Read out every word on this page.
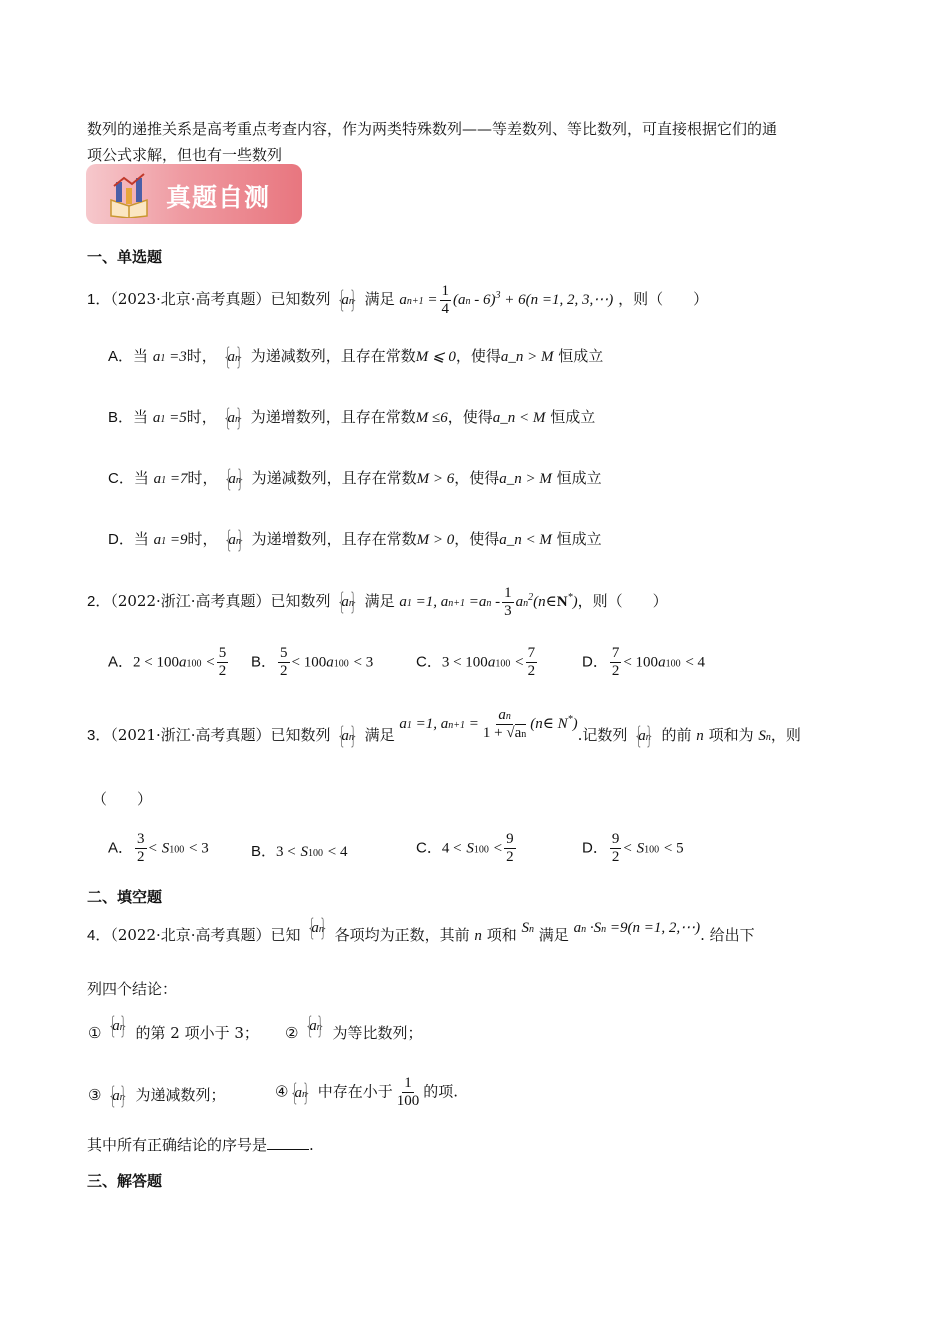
数列的递推关系是高考重点考查内容，作为两类特殊数列——等差数列、等比数列，可直接根据它们的通
项公式求解，但也有一些数列
真题自测
一、单选题
1．（2023·北京·高考真题）已知数列 { an } 满足 $an+1 = \frac{1}{4} (an - 6)^3 + 6(n =1$, 2, 3,⋯) ，则（　　）
A．当 a1 =3时， { an } 为递减数列，且存在常数M ⩽ 0，使得a_n > M 恒成立
B．当 a1 =5时， { an } 为递增数列，且存在常数M ≤6，使得a_n < M 恒成立
C．当 a1 =7时， { an } 为递减数列，且存在常数M > 6，使得a_n > M 恒成立
D．当 a1 =9时， { an } 为递增数列，且存在常数M > 0，使得a_n < M 恒成立
2．（2022·浙江·高考真题）已知数列 { an } 满足 a1 =1, $an+1 =an - \frac{1}{3}$ $an^2(n\in N^*)$，则（　　）
A．$2 < 100a100 < \frac{5}{2}$ B． $\frac{5}{2} < 100a100 < 3$	C．$3 < 100a100 < \frac{7}{2}$	D． $\frac{7}{2} < 100a100 < 4$
3．（2021·浙江·高考真题）已知数列 { an } 满足 a1 =1, $an+1 = \frac{an}{1 + √an}$ (n∈ N*).记数列 { an } 的前 n 项和为 Sn，则
（　　）
A． $\frac{3}{2} < S100 < 3$	B．3 < S100 < 4	C．$4 < S100 < \frac{9}{2}$	D． $\frac{9}{2} < S100 < 5$
二、填空题
4．（2022·北京·高考真题）已知 { an } 各项均为正数，其前 n 项和 Sn 满足 an ·Sn =9(n =1, 2,⋯). 给出下
列四个结论：
① { an } 的第 2 项小于 3； ② { an } 为等比数列；
③ { an } 为递减数列；	④ { an } 中存在小于 $\frac{1}{100}$ 的项.
其中所有正确结论的序号是	.
三、解答题
